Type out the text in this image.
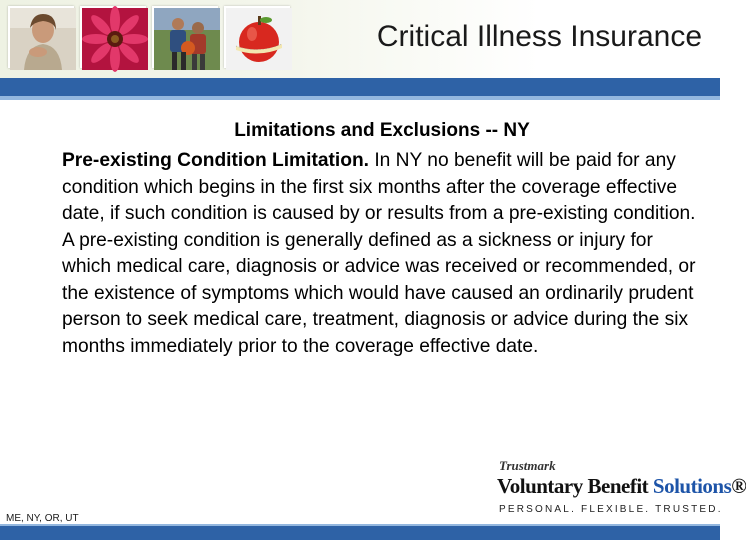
Critical Illness Insurance
Limitations and Exclusions -- NY

Pre-existing Condition Limitation. In NY no benefit will be paid for any condition which begins in the first six months after the coverage effective date, if such condition is caused by or results from a pre-existing condition. A pre-existing condition is generally defined as a sickness or injury for which medical care, diagnosis or advice was received or recommended, or the existence of symptoms which would have caused an ordinarily prudent person to seek medical care, treatment, diagnosis or advice during the six months immediately prior to the coverage effective date.

Trustmark
Voluntary Benefit Solutions®
PERSONAL. FLEXIBLE. TRUSTED.
ME, NY, OR, UT
